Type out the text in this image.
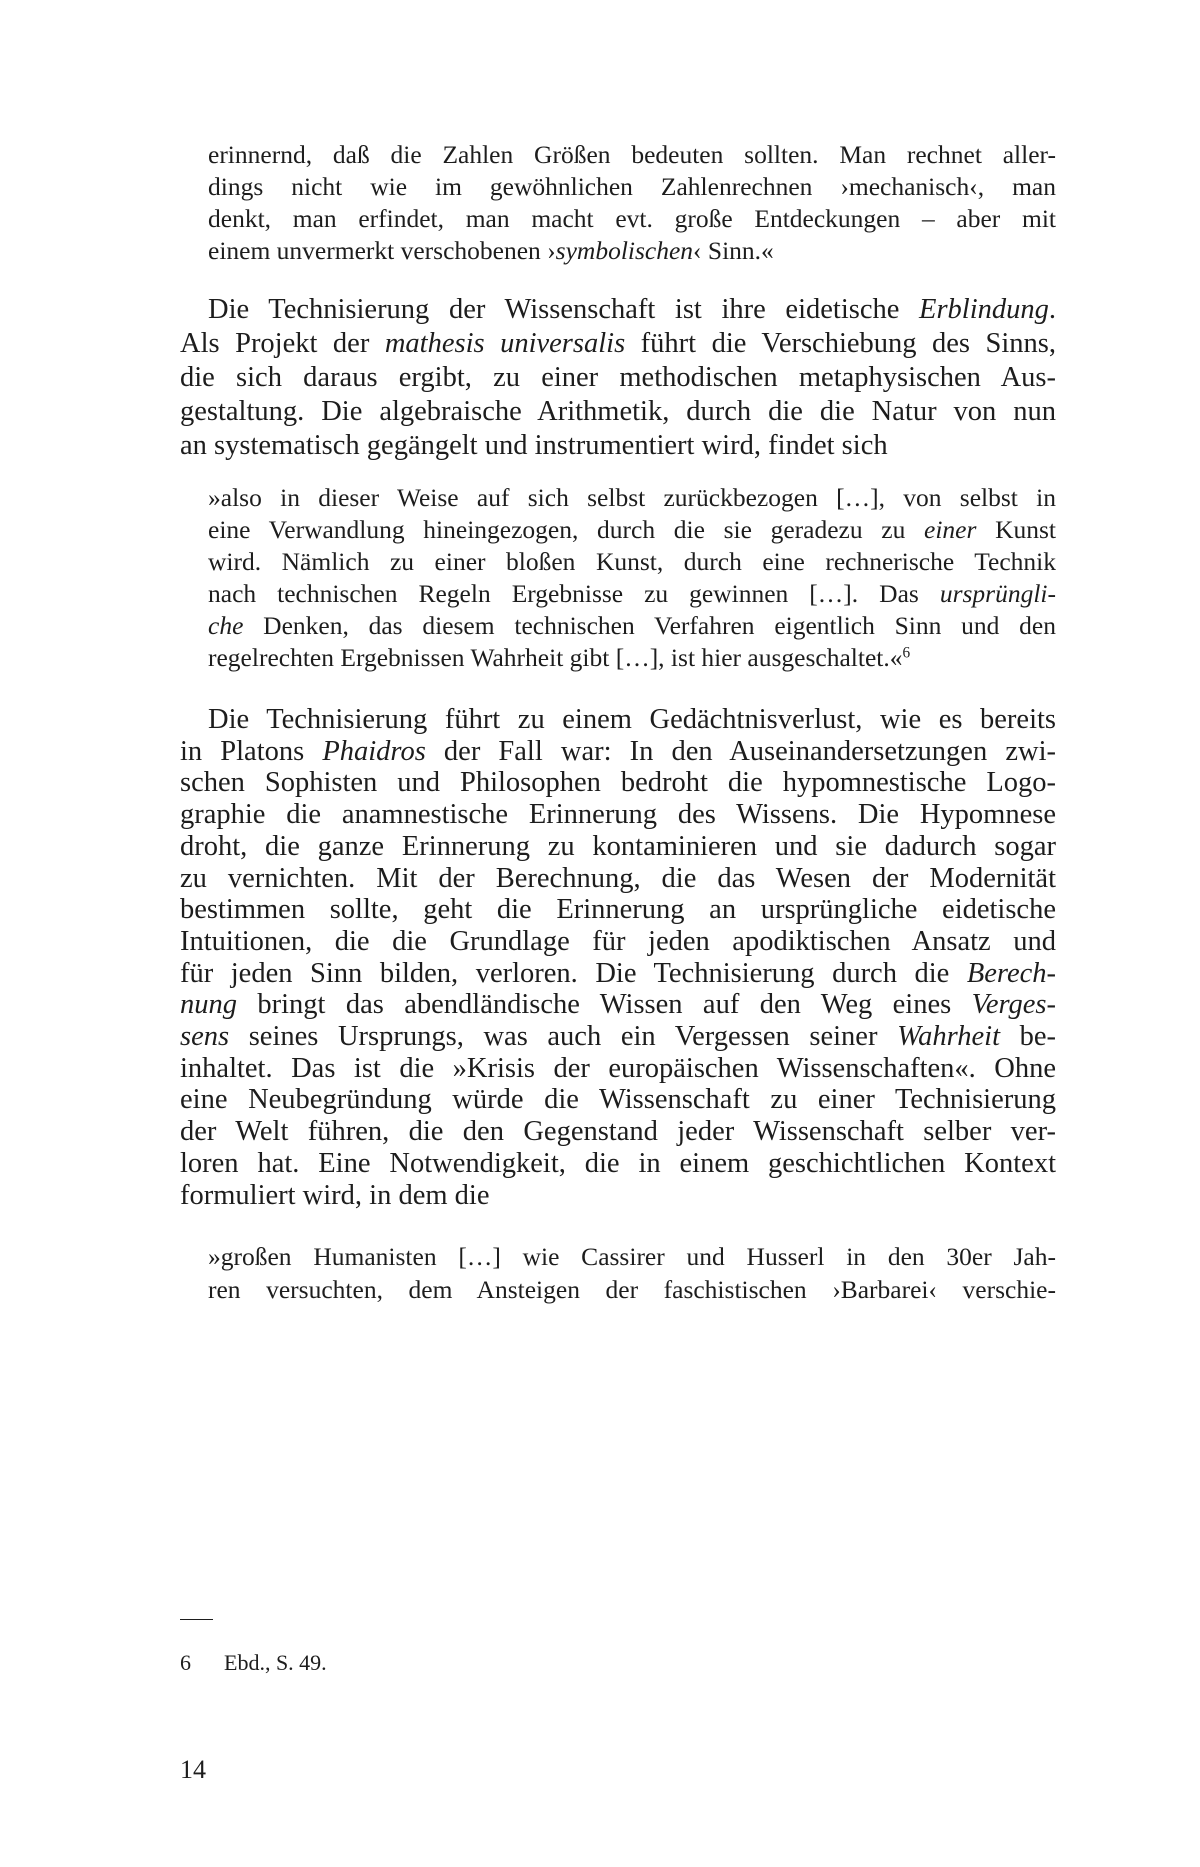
erinnernd, daß die Zahlen Größen bedeuten sollten. Man rechnet aller-
dings nicht wie im gewöhnlichen Zahlenrechnen ›mechanisch‹, man
denkt, man erfindet, man macht evt. große Entdeckungen – aber mit
einem unvermerkt verschobenen ›symbolischen‹ Sinn.«
Die Technisierung der Wissenschaft ist ihre eidetische Erblindung.
Als Projekt der mathesis universalis führt die Verschiebung des Sinns,
die sich daraus ergibt, zu einer methodischen metaphysischen Aus-
gestaltung. Die algebraische Arithmetik, durch die die Natur von nun
an systematisch gegängelt und instrumentiert wird, findet sich
»also in dieser Weise auf sich selbst zurückbezogen […], von selbst in
eine Verwandlung hineingezogen, durch die sie geradezu zu einer Kunst
wird. Nämlich zu einer bloßen Kunst, durch eine rechnerische Technik
nach technischen Regeln Ergebnisse zu gewinnen […]. Das ursprüngli-
che Denken, das diesem technischen Verfahren eigentlich Sinn und den
regelrechten Ergebnissen Wahrheit gibt […], ist hier ausgeschaltet.«$^6$
Die Technisierung führt zu einem Gedächtnisverlust, wie es bereits
in Platons Phaidros der Fall war: In den Auseinandersetzungen zwi-
schen Sophisten und Philosophen bedroht die hypomnestische Logo-
graphie die anamnestische Erinnerung des Wissens. Die Hypomnese
droht, die ganze Erinnerung zu kontaminieren und sie dadurch sogar
zu vernichten. Mit der Berechnung, die das Wesen der Modernität
bestimmen sollte, geht die Erinnerung an ursprüngliche eidetische
Intuitionen, die die Grundlage für jeden apodiktischen Ansatz und
für jeden Sinn bilden, verloren. Die Technisierung durch die Berech-
nung bringt das abendländische Wissen auf den Weg eines Verges-
sens seines Ursprungs, was auch ein Vergessen seiner Wahrheit be-
inhaltet. Das ist die »Krisis der europäischen Wissenschaften«. Ohne
eine Neubegründung würde die Wissenschaft zu einer Technisierung
der Welt führen, die den Gegenstand jeder Wissenschaft selber ver-
loren hat. Eine Notwendigkeit, die in einem geschichtlichen Kontext
formuliert wird, in dem die
»großen Humanisten […] wie Cassirer und Husserl in den 30er Jah-
ren versuchten, dem Ansteigen der faschistischen ›Barbarei‹ verschie-
6 Ebd., S. 49.
14
